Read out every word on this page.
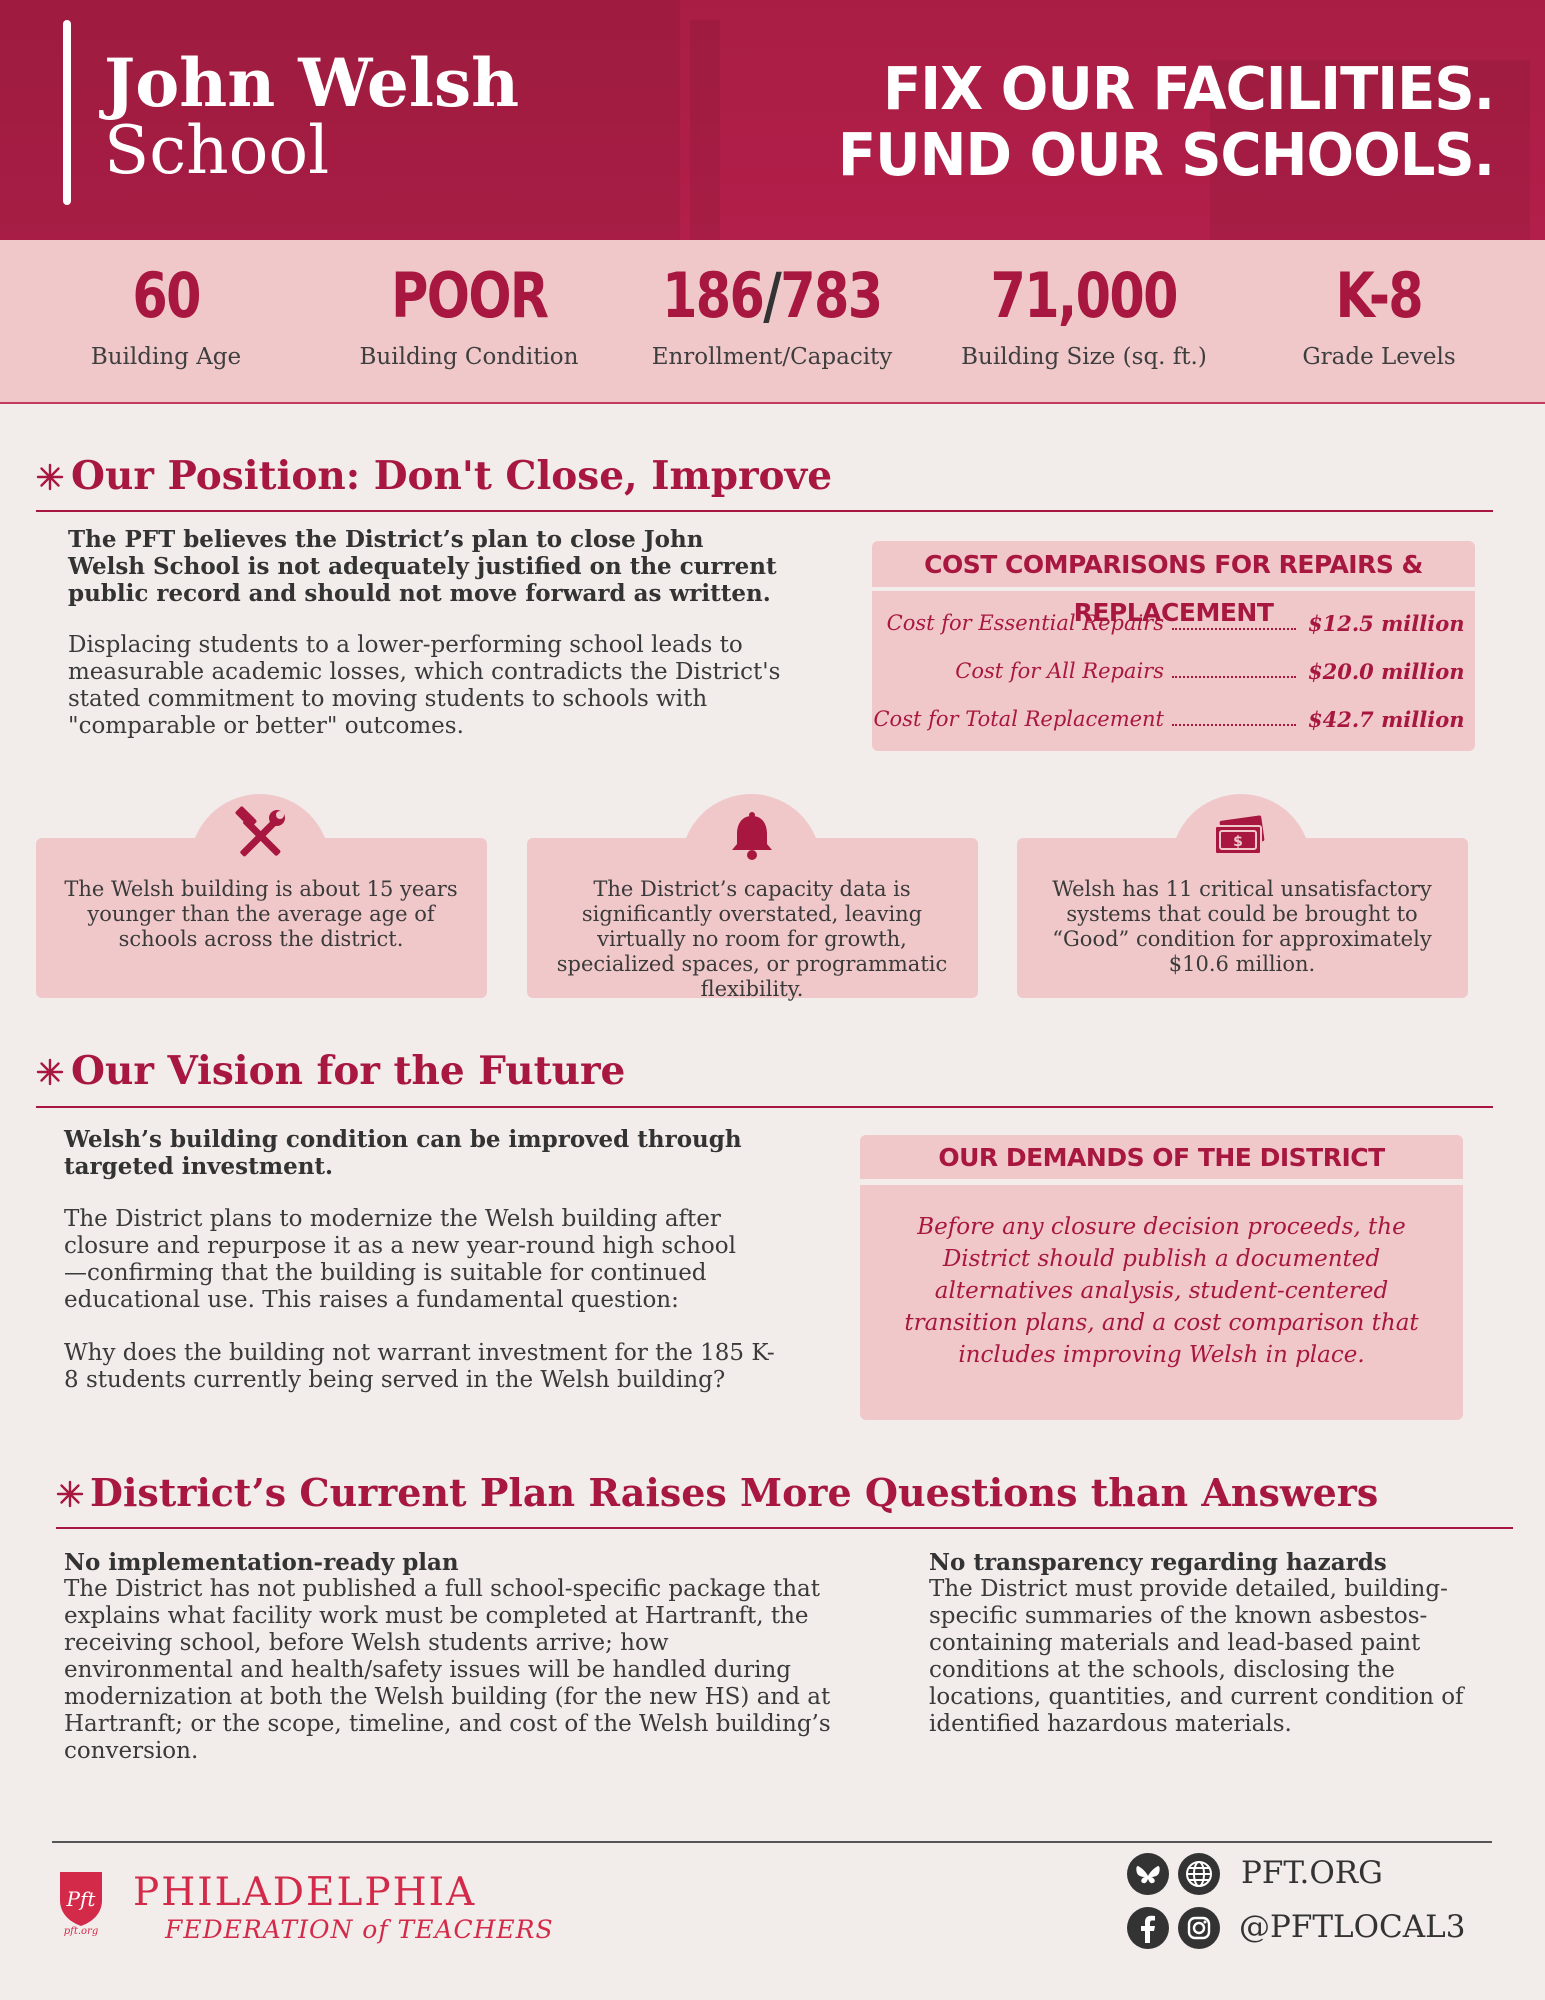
John Welsh
School
FIX OUR FACILITIES.
FUND OUR SCHOOLS.
60
Building Age
POOR
Building Condition
186/783
Enrollment/Capacity
71,000
Building Size (sq. ft.)
K-8
Grade Levels
Our Position: Don't Close, Improve
The PFT believes the District’s plan to close John Welsh School is not adequately justified on the current public record and should not move forward as written.
Displacing students to a lower-performing school leads to measurable academic losses, which contradicts the District's stated commitment to moving students to schools with "comparable or better" outcomes.
COST COMPARISONS FOR REPAIRS & REPLACEMENT
Cost for Essential Repairs	$12.5 million
Cost for All Repairs	$20.0 million
Cost for Total Replacement	$42.7 million
The Welsh building is about 15 years younger than the average age of schools across the district.
The District’s capacity data is significantly overstated, leaving virtually no room for growth, specialized spaces, or programmatic flexibility.
$
Welsh has 11 critical unsatisfactory systems that could be brought to “Good” condition for approximately $10.6 million.
Our Vision for the Future
Welsh’s building condition can be improved through targeted investment.
The District plans to modernize the Welsh building after closure and repurpose it as a new year-round high school—confirming that the building is suitable for continued educational use. This raises a fundamental question:
Why does the building not warrant investment for the 185 K-8 students currently being served in the Welsh building?
OUR DEMANDS OF THE DISTRICT
Before any closure decision proceeds, the District should publish a documented alternatives analysis, student-centered transition plans, and a cost comparison that includes improving Welsh in place.
District’s Current Plan Raises More Questions than Answers
No implementation-ready plan
The District has not published a full school-specific package that explains what facility work must be completed at Hartranft, the receiving school, before Welsh students arrive; how environmental and health/safety issues will be handled during modernization at both the Welsh building (for the new HS) and at Hartranft; or the scope, timeline, and cost of the Welsh building’s conversion.
No transparency regarding hazards
The District must provide detailed, building-specific summaries of the known asbestos-containing materials and lead-based paint conditions at the schools, disclosing the locations, quantities, and current condition of identified hazardous materials.
Pft
pft.org
PHILADELPHIA
FEDERATION of TEACHERS
PFT.ORG
@PFTLOCAL3
